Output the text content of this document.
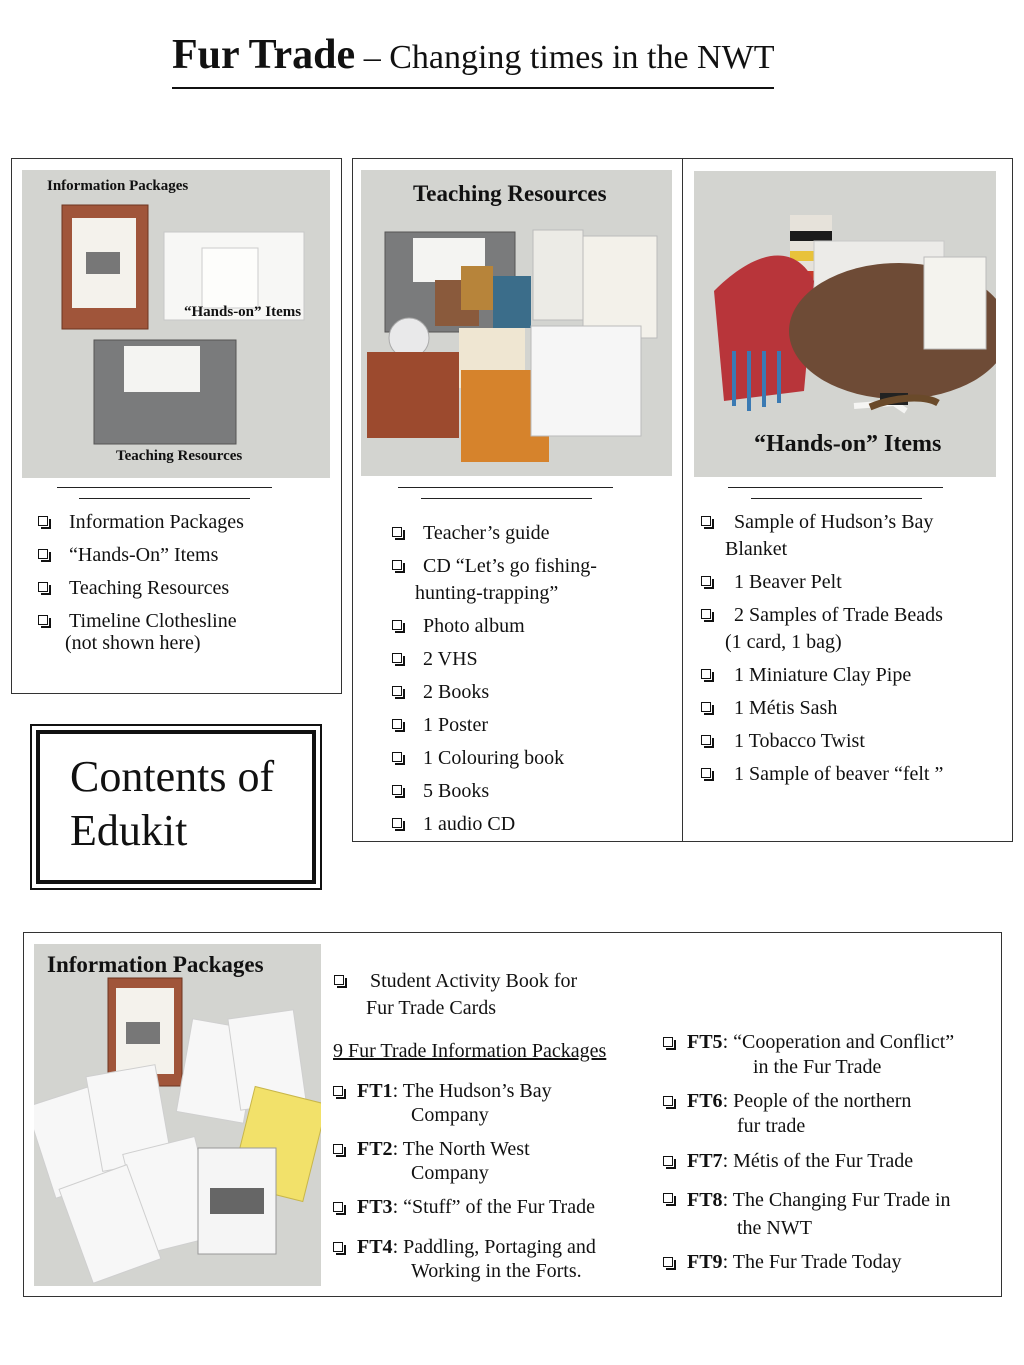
Fur Trade – Changing times in the NWT
Information Packages
“Hands-on” Items
Teaching Resources
Information Packages
“Hands-On” Items
Teaching Resources
Timeline Clothesline
(not shown here)
Teaching Resources
Teacher’s guide
CD “Let’s go fishing-
hunting-trapping”
Photo album
2 VHS
2 Books
1 Poster
1 Colouring book
5 Books
1 audio CD
“Hands-on” Items
Sample of Hudson’s Bay
Blanket
1 Beaver Pelt
2 Samples of Trade Beads
(1 card, 1 bag)
1 Miniature Clay Pipe
1 Métis Sash
1 Tobacco Twist
1 Sample of beaver “felt ”
Contents of
Edukit
Information Packages
Student Activity Book for
Fur Trade Cards
9 Fur Trade Information Packages
FT1: The Hudson’s Bay
Company
FT2: The North West
Company
FT3: “Stuff” of the Fur Trade
FT4: Paddling, Portaging and
Working in the Forts.
FT5: “Cooperation and Conflict”
in the Fur Trade
FT6: People of the northern
fur trade
FT7: Métis of the Fur Trade
FT8: The Changing Fur Trade in
the NWT
FT9: The Fur Trade Today
